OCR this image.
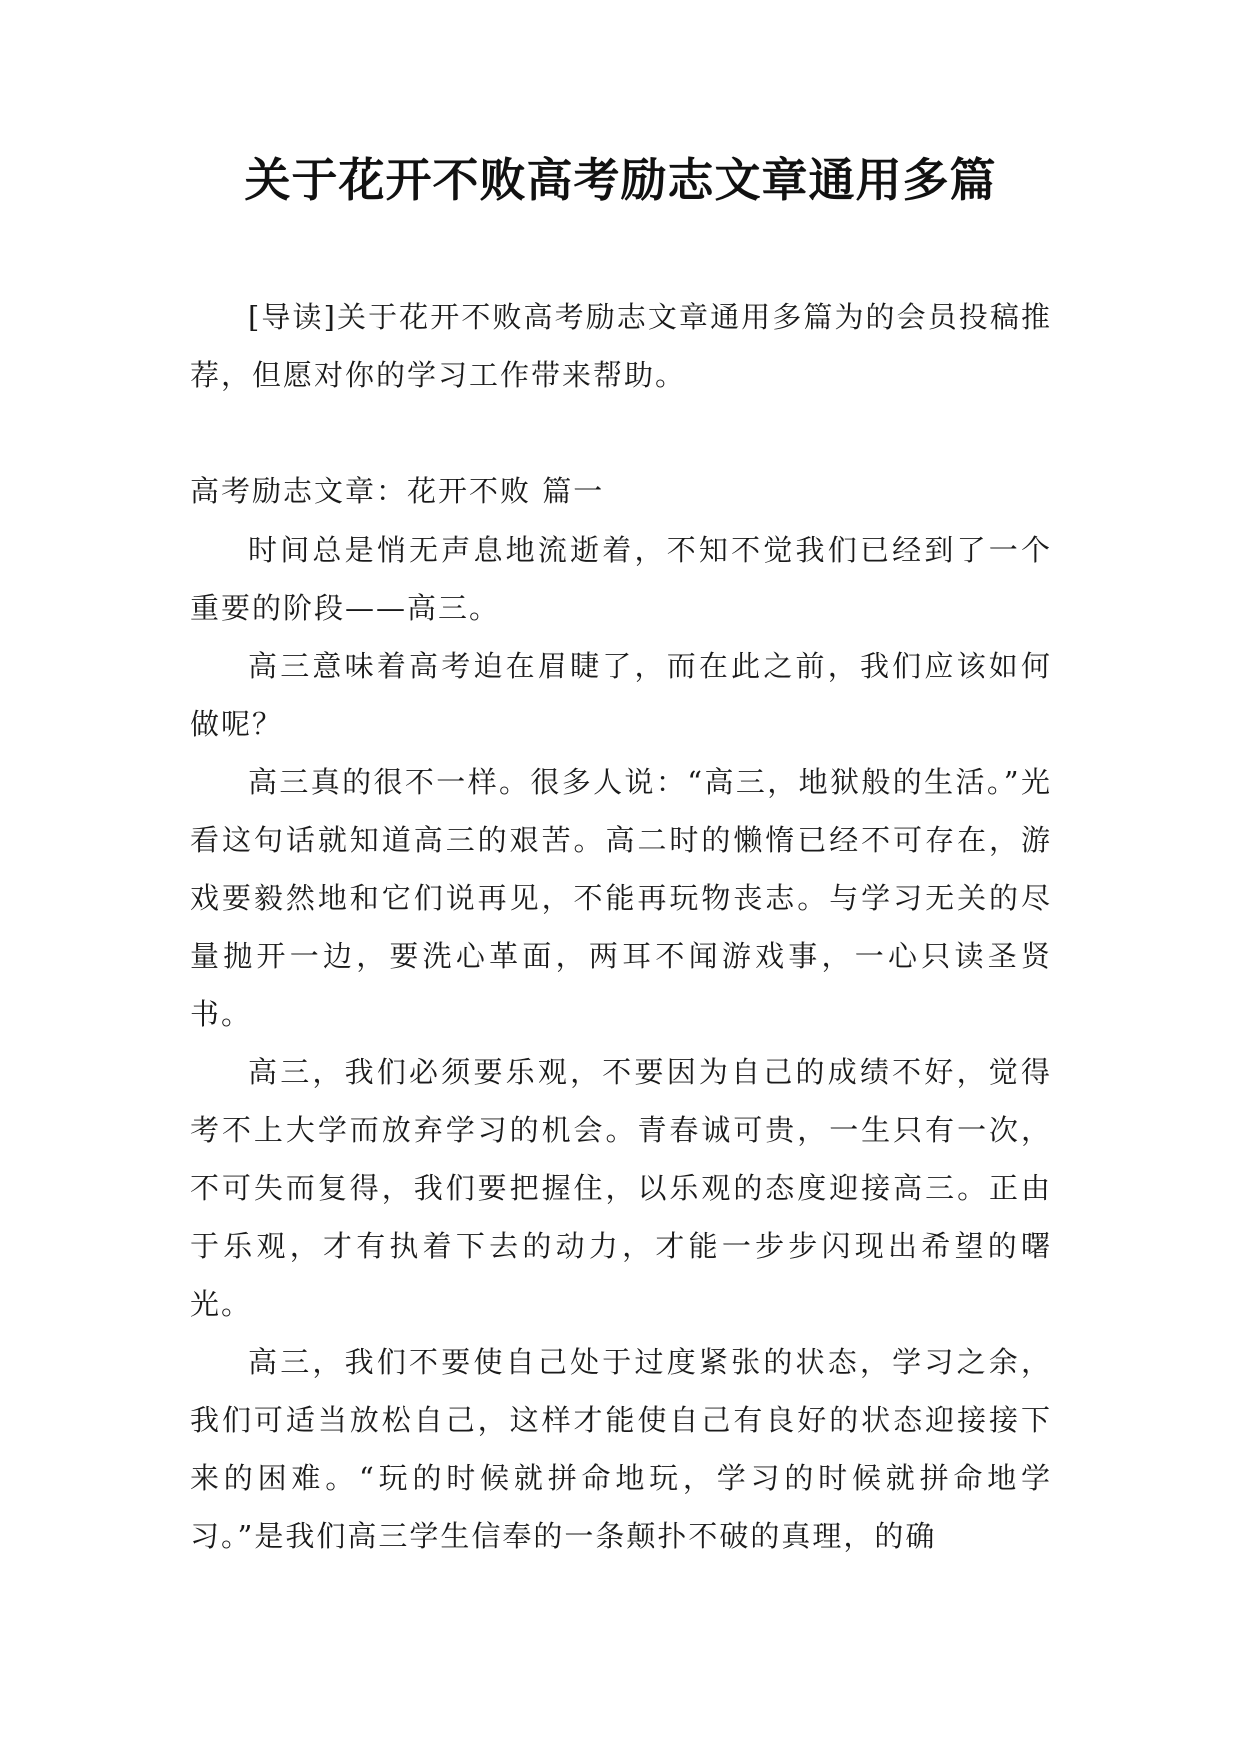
关于花开不败高考励志文章通用多篇

[导读]关于花开不败高考励志文章通用多篇为的会员投稿推荐，但愿对你的学习工作带来帮助。

高考励志文章：花开不败 篇一

时间总是悄无声息地流逝着，不知不觉我们已经到了一个重要的阶段——高三。

高三意味着高考迫在眉睫了，而在此之前，我们应该如何做呢？

高三真的很不一样。很多人说：“高三，地狱般的生活。”光看这句话就知道高三的艰苦。高二时的懒惰已经不可存在，游戏要毅然地和它们说再见，不能再玩物丧志。与学习无关的尽量抛开一边，要洗心革面，两耳不闻游戏事，一心只读圣贤书。

高三，我们必须要乐观，不要因为自己的成绩不好，觉得考不上大学而放弃学习的机会。青春诚可贵，一生只有一次，不可失而复得，我们要把握住，以乐观的态度迎接高三。正由于乐观，才有执着下去的动力，才能一步步闪现出希望的曙光。

高三，我们不要使自己处于过度紧张的状态，学习之余，我们可适当放松自己，这样才能使自己有良好的状态迎接接下来的困难。“玩的时候就拼命地玩，学习的时候就拼命地学习。”是我们高三学生信奉的一条颠扑不破的真理，的确
